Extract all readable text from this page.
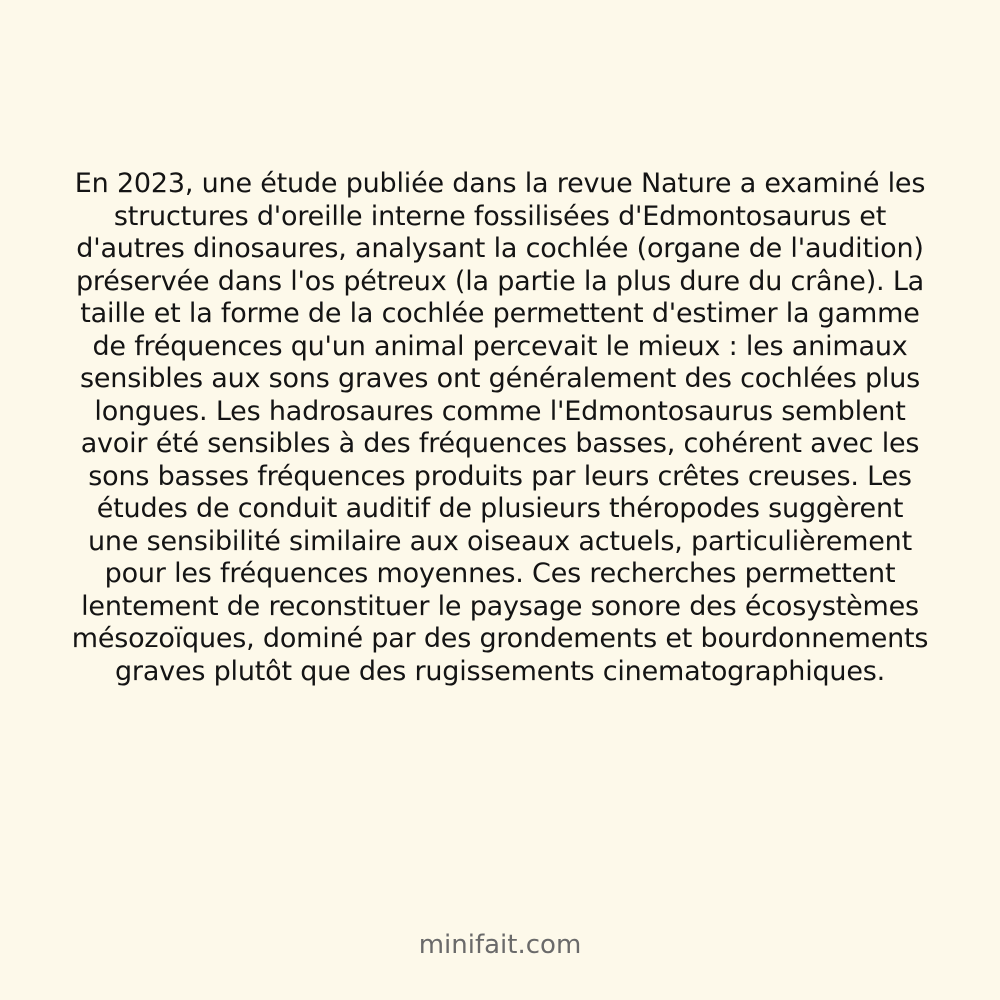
En 2023, une étude publiée dans la revue Nature a examiné les structures d'oreille interne fossilisées d'Edmontosaurus et d'autres dinosaures, analysant la cochlée (organe de l'audition) préservée dans l'os pétreux (la partie la plus dure du crâne). La taille et la forme de la cochlée permettent d'estimer la gamme de fréquences qu'un animal percevait le mieux : les animaux sensibles aux sons graves ont généralement des cochlées plus longues. Les hadrosaures comme l'Edmontosaurus semblent avoir été sensibles à des fréquences basses, cohérent avec les sons basses fréquences produits par leurs crêtes creuses. Les études de conduit auditif de plusieurs théropodes suggèrent une sensibilité similaire aux oiseaux actuels, particulièrement pour les fréquences moyennes. Ces recherches permettent lentement de reconstituer le paysage sonore des écosystèmes mésozoïques, dominé par des grondements et bourdonnements graves plutôt que des rugissements cinematographiques.

minifait.com
